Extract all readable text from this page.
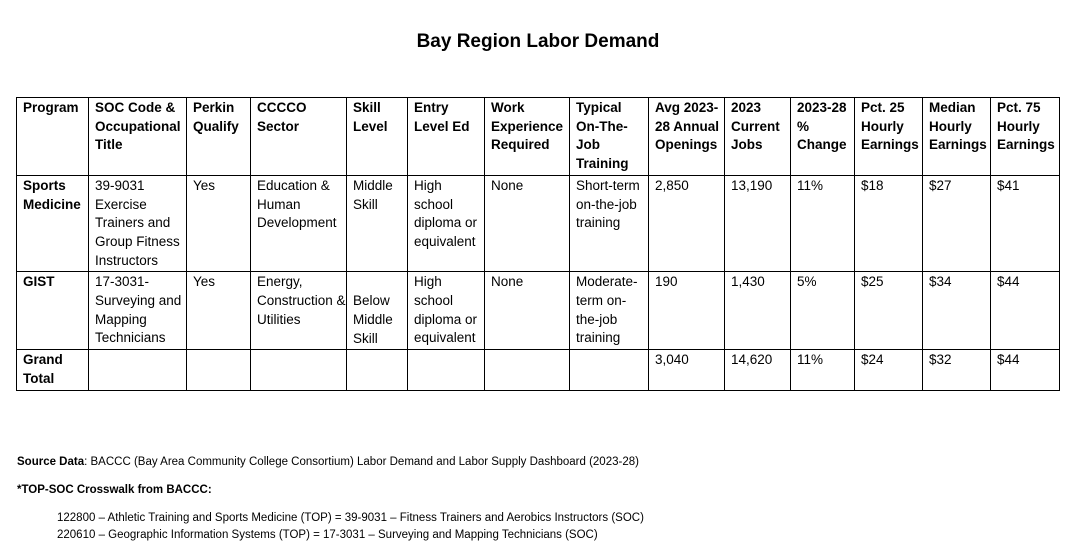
Bay Region Labor Demand
Program	SOC Code & Occupational Title	Perkin Qualify	CCCCO Sector	Skill Level	Entry Level Ed	Work Experience Required	Typical On-The-Job Training	Avg 2023-28 Annual Openings	2023 Current Jobs	2023-28 % Change	Pct. 25 Hourly Earnings	Median Hourly Earnings	Pct. 75 Hourly Earnings
Sports Medicine	39-9031 Exercise Trainers and Group Fitness Instructors	Yes	Education & Human Development	Middle Skill	High school diploma or equivalent	None	Short-term on-the-job training	2,850	13,190	11%	$18	$27	$41
GIST	17-3031- Surveying and Mapping Technicians	Yes	Energy, Construction & Utilities	Below Middle Skill	High school diploma or equivalent	None	Moderate-term on-the-job training	190	1,430	5%	$25	$34	$44
Grand Total								3,040	14,620	11%	$24	$32	$44
Source Data: BACCC (Bay Area Community College Consortium) Labor Demand and Labor Supply Dashboard (2023-28)
*TOP-SOC Crosswalk from BACCC:
122800 – Athletic Training and Sports Medicine (TOP) = 39-9031 – Fitness Trainers and Aerobics Instructors (SOC)
220610 – Geographic Information Systems (TOP) = 17-3031 – Surveying and Mapping Technicians (SOC)
